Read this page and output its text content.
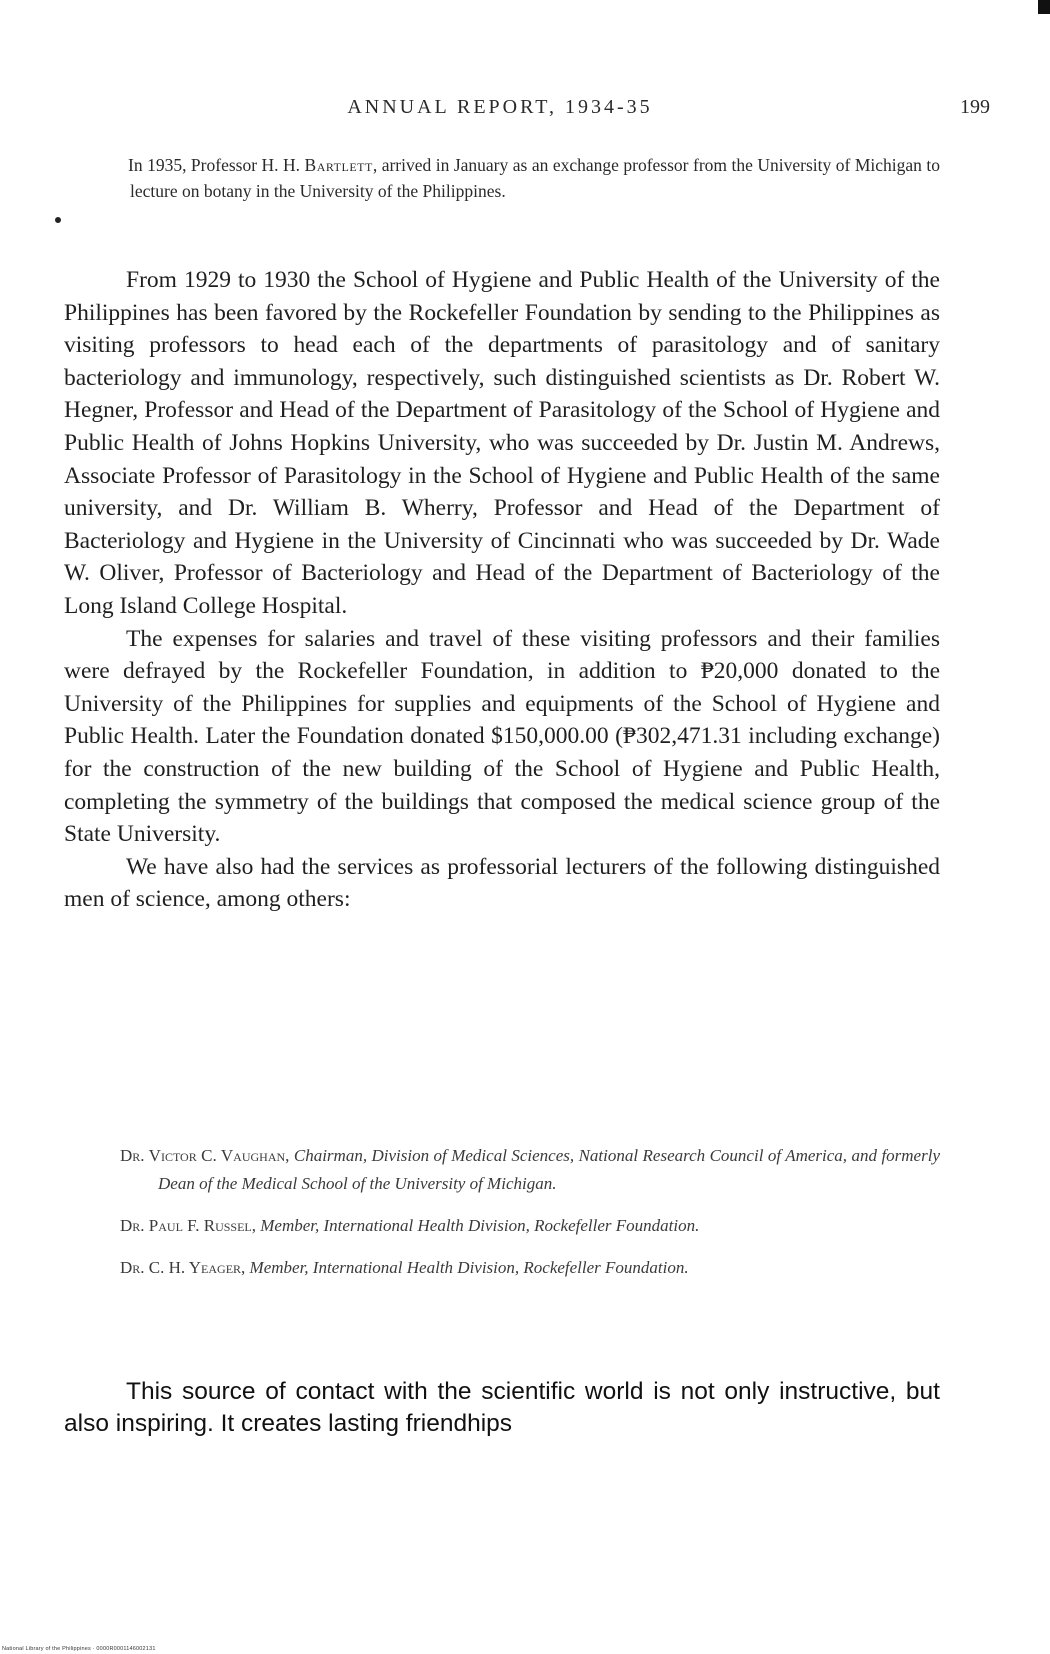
ANNUAL REPORT, 1934-35	199
In 1935, Professor H. H. Bartlett, arrived in January as an exchange professor from the University of Michigan to lecture on botany in the University of the Philippines.

From 1929 to 1930 the School of Hygiene and Public Health of the University of the Philippines has been favored by the Rockefeller Foundation by sending to the Philippines as visiting professors to head each of the departments of parasitology and of sanitary bacteriology and immunology, respectively, such distinguished scientists as Dr. Robert W. Hegner, Professor and Head of the Department of Parasitology of the School of Hygiene and Public Health of Johns Hopkins University, who was succeeded by Dr. Justin M. Andrews, Associate Professor of Parasitology in the School of Hygiene and Public Health of the same university, and Dr. William B. Wherry, Professor and Head of the Department of Bacteriology and Hygiene in the University of Cincinnati who was succeeded by Dr. Wade W. Oliver, Professor of Bacteriology and Head of the Department of Bacteriology of the Long Island College Hospital.

The expenses for salaries and travel of these visiting professors and their families were defrayed by the Rockefeller Foundation, in addition to ₱20,000 donated to the University of the Philippines for supplies and equipments of the School of Hygiene and Public Health. Later the Foundation donated $150,000.00 (₱302,471.31 including exchange) for the construction of the new building of the School of Hygiene and Public Health, completing the symmetry of the buildings that composed the medical science group of the State University.

We have also had the services as professorial lecturers of the following distinguished men of science, among others:

Dr. Victor C. Vaughan, Chairman, Division of Medical Sciences, National Research Council of America, and formerly Dean of the Medical School of the University of Michigan.

Dr. Paul F. Russel, Member, International Health Division, Rockefeller Foundation.

Dr. C. H. Yeager, Member, International Health Division, Rockefeller Foundation.

This source of contact with the scientific world is not only instructive, but also inspiring. It creates lasting friendhips

National Library of the Philippines · 0000R0001146002131
